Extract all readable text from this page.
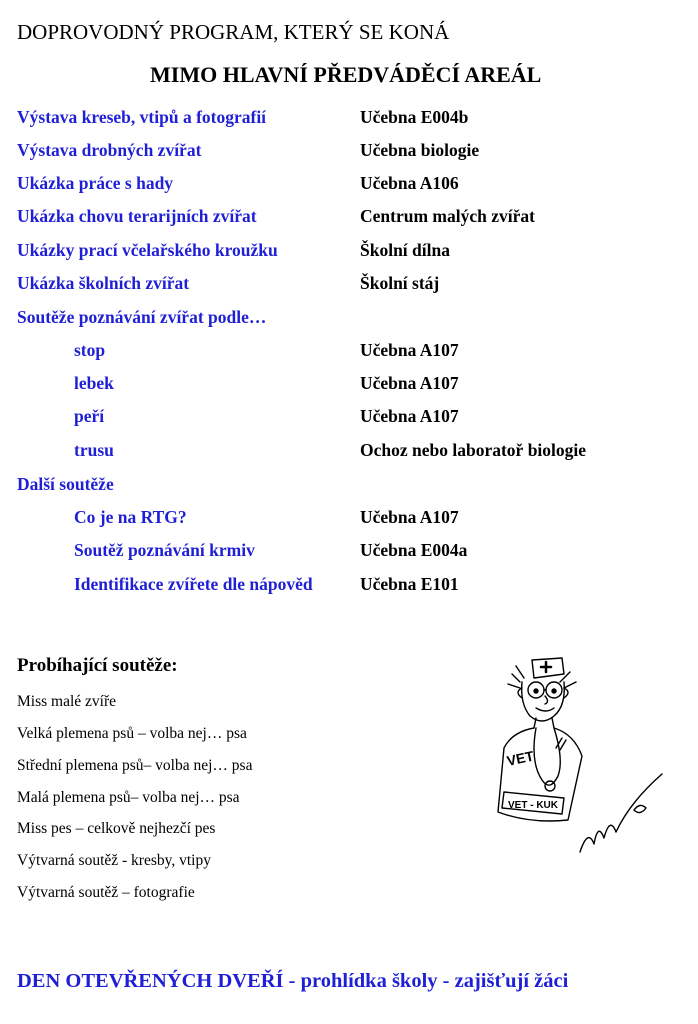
DOPROVODNÝ PROGRAM, KTERÝ SE KONÁ
MIMO HLAVNÍ PŘEDVÁDĚCÍ AREÁL
Výstava kreseb, vtipů a fotografií	Učebna E004b
Výstava drobných zvířat	Učebna biologie
Ukázka práce s hady	Učebna A106
Ukázka chovu terarijních zvířat	Centrum malých zvířat
Ukázky prací včelařského kroužku	Školní dílna
Ukázka školních zvířat	Školní stáj
Soutěže poznávání zvířat podle…
stop	Učebna A107
lebek	Učebna A107
peří	Učebna A107
trusu	Ochoz nebo laboratoř biologie
Další soutěže
Co je na RTG?	Učebna A107
Soutěž poznávání krmiv	Učebna E004a
Identifikace zvířete dle nápověd	Učebna E101
Probíhající soutěže:
Miss malé zvíře
Velká plemena psů – volba nej… psa
Střední plemena psů– volba nej… psa
Malá plemena psů– volba nej… psa
Miss pes – celkově nejhezčí pes
Výtvarná soutěž - kresby, vtipy
Výtvarná soutěž – fotografie
VET
VET - KUK
DEN OTEVŘENÝCH DVEŘÍ - prohlídka školy - zajišťují žáci
